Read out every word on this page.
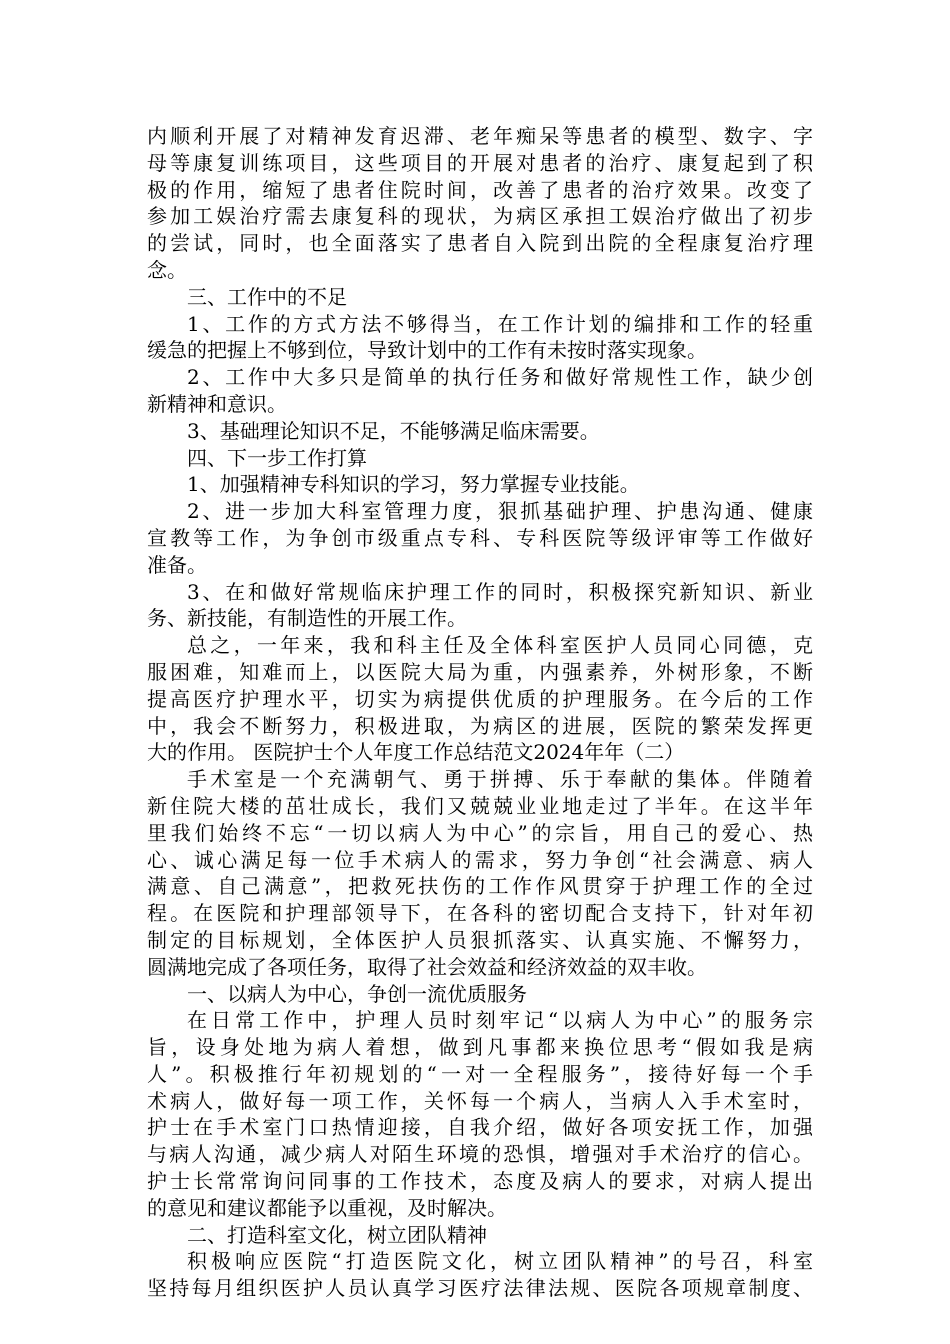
内顺利开展了对精神发育迟滞、老年痴呆等患者的模型、数字、字
母等康复训练项目，这些项目的开展对患者的治疗、康复起到了积
极的作用，缩短了患者住院时间，改善了患者的治疗效果。改变了
参加工娱治疗需去康复科的现状，为病区承担工娱治疗做出了初步
的尝试，同时，也全面落实了患者自入院到出院的全程康复治疗理
念。
三、工作中的不足
1、工作的方式方法不够得当，在工作计划的编排和工作的轻重
缓急的把握上不够到位，导致计划中的工作有未按时落实现象。
2、工作中大多只是简单的执行任务和做好常规性工作，缺少创
新精神和意识。
3、基础理论知识不足，不能够满足临床需要。
四、下一步工作打算
1、加强精神专科知识的学习，努力掌握专业技能。
2、进一步加大科室管理力度，狠抓基础护理、护患沟通、健康
宣教等工作，为争创市级重点专科、专科医院等级评审等工作做好
准备。
3、在和做好常规临床护理工作的同时，积极探究新知识、新业
务、新技能，有制造性的开展工作。
总之，一年来，我和科主任及全体科室医护人员同心同德，克
服困难，知难而上，以医院大局为重，内强素养，外树形象，不断
提高医疗护理水平，切实为病提供优质的护理服务。在今后的工作
中，我会不断努力，积极进取，为病区的进展，医院的繁荣发挥更
大的作用。 医院护士个人年度工作总结范文2024年年（二）
手术室是一个充满朝气、勇于拼搏、乐于奉献的集体。伴随着
新住院大楼的茁壮成长，我们又兢兢业业地走过了半年。在这半年
里我们始终不忘“一切以病人为中心”的宗旨，用自己的爱心、热
心、诚心满足每一位手术病人的需求，努力争创“社会满意、病人
满意、自己满意”，把救死扶伤的工作作风贯穿于护理工作的全过
程。在医院和护理部领导下，在各科的密切配合支持下，针对年初
制定的目标规划，全体医护人员狠抓落实、认真实施、不懈努力，
圆满地完成了各项任务，取得了社会效益和经济效益的双丰收。
一、以病人为中心，争创一流优质服务
在日常工作中，护理人员时刻牢记“以病人为中心”的服务宗
旨，设身处地为病人着想，做到凡事都来换位思考“假如我是病
人”。积极推行年初规划的“一对一全程服务”，接待好每一个手
术病人，做好每一项工作，关怀每一个病人，当病人入手术室时，
护士在手术室门口热情迎接，自我介绍，做好各项安抚工作，加强
与病人沟通，减少病人对陌生环境的恐惧，增强对手术治疗的信心。
护士长常常询问同事的工作技术，态度及病人的要求，对病人提出
的意见和建议都能予以重视，及时解决。
二、打造科室文化，树立团队精神
积极响应医院“打造医院文化，树立团队精神”的号召，科室
坚持每月组织医护人员认真学习医疗法律法规、医院各项规章制度、
